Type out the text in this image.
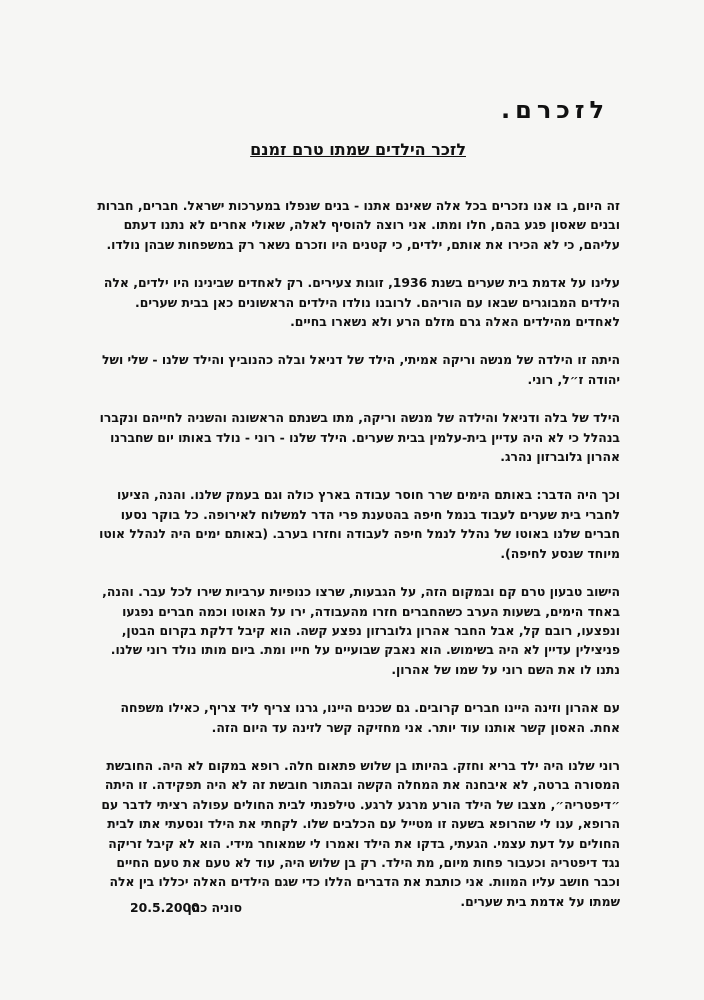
לזכרם.
לזכר הילדים שמתו טרם זמנם

זה היום, בו אנו נזכרים בכל אלה שאינם אתנו - בנים שנפלו במערכות ישראל. חברים, חברות ובנים שאסון פגע בהם, חלו ומתו. אני רוצה להוסיף לאלה, שאולי אחרים לא נתנו דעתם עליהם, כי לא הכירו את אותם, ילדים, כי קטנים היו וזכרם נשאר רק במשפחות שבהן נולדו.

עלינו על אדמת בית שערים בשנת 1936, זוגות צעירים. רק לאחדים שבינינו היו ילדים, אלה הילדים המבוגרים שבאו עם הוריהם. לרובנו נולדו הילדים הראשונים כאן בבית שערים. לאחדים מהילדים האלה גרם מזלם הרע ולא נשארו בחיים.

היתה זו הילדה של מנשה וריקה אמיתי, הילד של דניאל ובלה כהנוביץ והילד שלנו - שלי ושל יהודה ז״ל, רוני.

הילד של בלה ודניאל והילדה של מנשה וריקה, מתו בשנתם הראשונה והשניה לחייהם ונקברו בנהלל כי לא היה עדיין בית-עלמין בבית שערים. הילד שלנו - רוני - נולד באותו יום שחברנו אהרון גלוברזון נהרג.

וכך היה הדבר: באותם הימים שרר חוסר עבודה בארץ כולה וגם בעמק שלנו. והנה, הציעו לחברי בית שערים לעבוד בנמל חיפה בהטענת פרי הדר למשלוח לאירופה. כל בוקר נסעו חברים שלנו באוטו של נהלל לנמל חיפה לעבודה וחזרו בערב. (באותם ימים היה לנהלל אוטו מיוחד שנסע לחיפה).

הישוב טבעון טרם קם ובמקום הזה, על הגבעות, שרצו כנופיות ערביות שירו לכל עבר. והנה, באחד הימים, בשעות הערב כשהחברים חזרו מהעבודה, ירו על האוטו וכמה חברים נפגעו ונפצעו, רובם קל, אבל החבר אהרון גלוברזון נפצע קשה. הוא קיבל דלקת בקרום הבטן, פניצילין עדיין לא היה בשימוש. הוא נאבק שבועיים על חייו ומת. ביום מותו נולד רוני שלנו. נתנו לו את השם רוני על שמו של אהרון.

עם אהרון וזינה היינו חברים קרובים. גם שכנים היינו, גרנו צריף ליד צריף, כאילו משפחה אחת. האסון קשר אותנו עוד יותר. אני מחזיקה קשר לזינה עד היום הזה.

רוני שלנו היה ילד בריא וחזק. בהיותו בן שלוש פתאום חלה. רופא במקום לא היה. החובשת המסורה ברטה, לא איבחנה את המחלה הקשה ובהתור חובשת זה לא היה תפקידה. זו היתה ״דיפטריה״, מצבו של הילד הורע מרגע לרגע. טילפנתי לבית החולים עפולה רציתי לדבר עם הרופא, ענו לי שהרופא בשעה זו מטייל עם הכלבים שלו. לקחתי את הילד ונסעתי אתו לבית החולים על דעת עצמי. הגעתי, בדקו את הילד ואמרו לי שמאוחר מידי. הוא לא קיבל זריקה נגד דיפטריה וכעבור פחות מיום, מת הילד. רק בן שלוש היה, עוד לא טעם את טעם החיים וכבר חושב עליו המוות. אני כותבת את הדברים הללו כדי שגם הילדים האלה יכללו בין אלה שמתו על אדמת בית שערים.

סוניה כהן
20.5.2000
